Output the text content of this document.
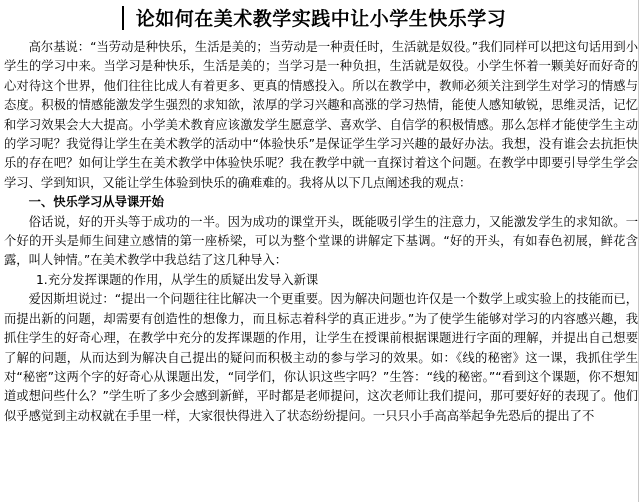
论如何在美术教学实践中让小学生快乐学习

高尔基说：“当劳动是种快乐，生活是美的；当劳动是一种责任时，生活就是奴役。”我们同样可以把这句话用到小学生的学习中来。当学习是种快乐，生活是美的；当学习是一种负担，生活就是奴役。小学生怀着一颗美好而好奇的心对待这个世界，他们往往比成人有着更多、更真的情感投入。所以在教学中，教师必须关注到学生对学习的情感与态度。积极的情感能激发学生强烈的求知欲，浓厚的学习兴趣和高涨的学习热情，能使人感知敏锐，思维灵活，记忆和学习效果会大大提高。小学美术教育应该激发学生愿意学、喜欢学、自信学的积极情感。那么怎样才能使学生主动的学习呢？我觉得让学生在美术教学的活动中“体验快乐”是保证学生学习兴趣的最好办法。我想，没有谁会去抗拒快乐的存在吧？如何让学生在美术教学中体验快乐呢？我在教学中就一直探讨着这个问题。在教学中即要引导学生学会学习、学到知识，又能让学生体验到快乐的确难难的。我将从以下几点阐述我的观点：

一、快乐学习从导课开始

俗话说，好的开头等于成功的一半。因为成功的课堂开头，既能吸引学生的注意力，又能激发学生的求知欲。一个好的开头是师生间建立感情的第一座桥梁，可以为整个堂课的讲解定下基调。“好的开头，有如春色初展，鲜花含露，叫人钟情。”在美术教学中我总结了这几种导入：

1.充分发挥课题的作用，从学生的质疑出发导入新课

爱因斯坦说过：“提出一个问题往往比解决一个更重要。因为解决问题也许仅是一个数学上或实验上的技能而已，而提出新的问题，却需要有创造性的想像力，而且标志着科学的真正进步。”为了使学生能够对学习的内容感兴趣，我抓住学生的好奇心理，在教学中充分的发挥课题的作用，让学生在授课前根据课题进行字面的理解，并提出自己想要了解的问题，从而达到为解决自己提出的疑问而积极主动的参与学习的效果。如：《线的秘密》这一课，我抓住学生对“秘密”这两个字的好奇心从课题出发，“同学们，你认识这些字吗？”生答：“线的秘密。”“看到这个课题，你不想知道或想问些什么？”学生听了多少会感到新鲜，平时都是老师提问，这次老师让我们提问，那可要好好的表现了。他们似乎感觉到主动权就在手里一样，大家很快得进入了状态纷纷提问。一只只小手高高举起争先恐后的提出了不
